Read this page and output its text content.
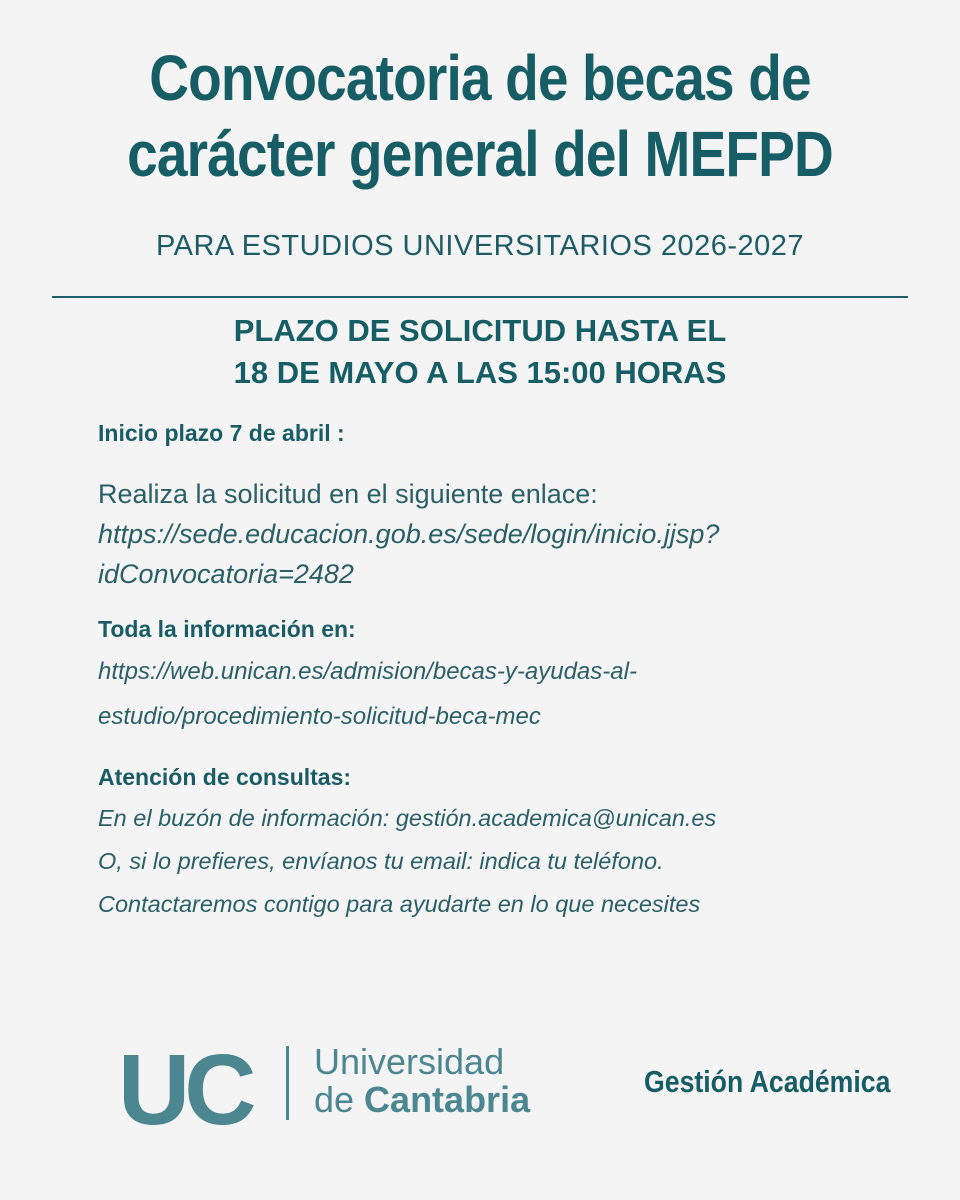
Convocatoria de becas de
carácter general del MEFPD
PARA ESTUDIOS UNIVERSITARIOS 2026-2027
PLAZO DE SOLICITUD HASTA EL
18 DE MAYO A LAS 15:00 HORAS
Inicio plazo 7 de abril :
Realiza la solicitud en el siguiente enlace:
https://sede.educacion.gob.es/sede/login/inicio.jjsp?
idConvocatoria=2482
Toda la información en:
https://web.unican.es/admision/becas-y-ayudas-al-
estudio/procedimiento-solicitud-beca-mec
Atención de consultas:
En el buzón de información: gestión.academica@unican.es
O, si lo prefieres, envíanos tu email: indica tu teléfono.
Contactaremos contigo para ayudarte en lo que necesites
UC Universidad
de Cantabria	Gestión Académica
